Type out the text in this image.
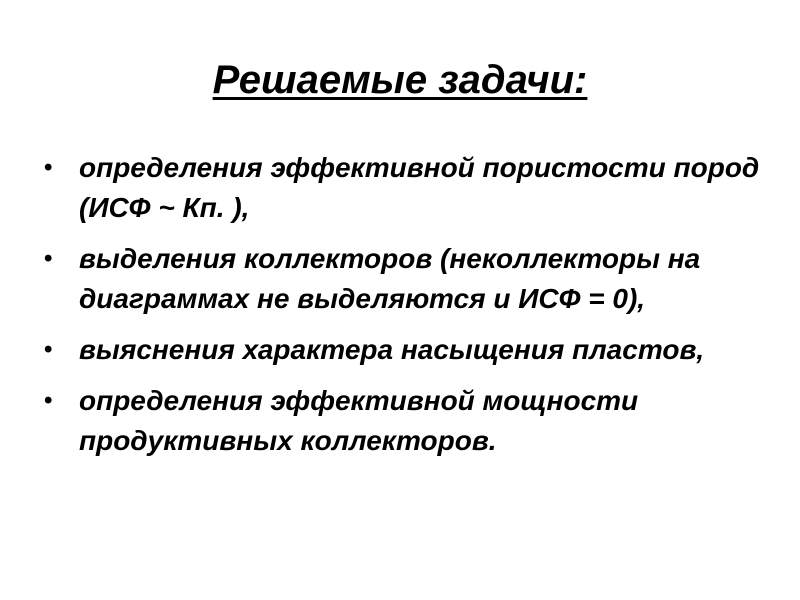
Решаемые задачи:
• определения эффективной пористости пород (ИСФ ~ Кп. ),
• выделения коллекторов (неколлекторы на диаграммах не выделяются и ИСФ = 0),
• выяснения характера насыщения пластов,
• определения эффективной мощности продуктивных коллекторов.
